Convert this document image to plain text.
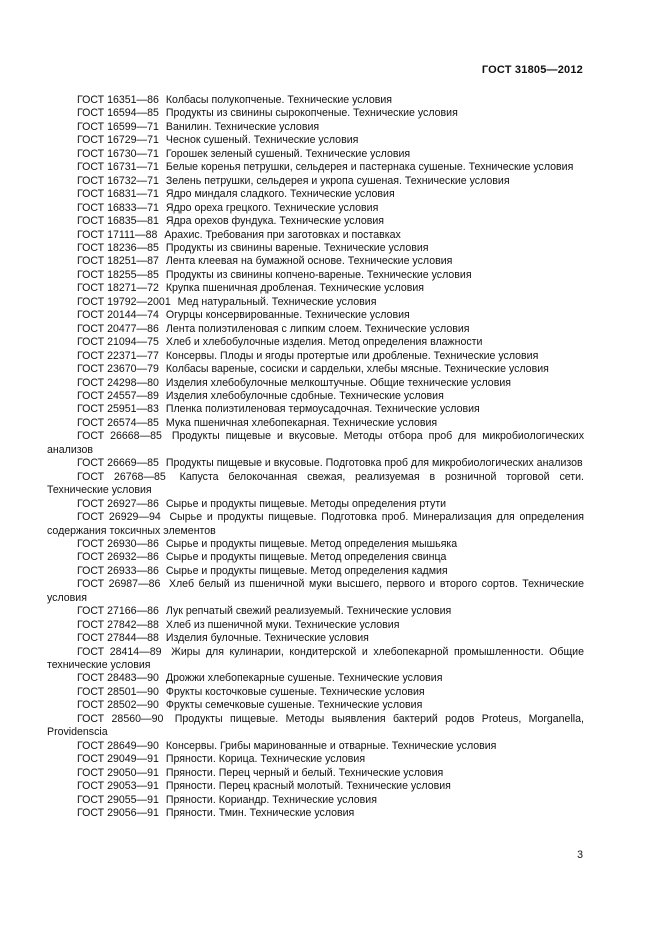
ГОСТ 31805—2012

ГОСТ 16351—86 Колбасы полукопченые. Технические условия

ГОСТ 16594—85 Продукты из свинины сырокопченые. Технические условия

ГОСТ 16599—71 Ванилин. Технические условия

ГОСТ 16729—71 Чеснок сушеный. Технические условия

ГОСТ 16730—71 Горошек зеленый сушеный. Технические условия

ГОСТ 16731—71 Белые коренья петрушки, сельдерея и пастернака сушеные. Технические условия

ГОСТ 16732—71 Зелень петрушки, сельдерея и укропа сушеная. Технические условия

ГОСТ 16831—71 Ядро миндаля сладкого. Технические условия

ГОСТ 16833—71 Ядро ореха грецкого. Технические условия

ГОСТ 16835—81 Ядра орехов фундука. Технические условия

ГОСТ 17111—88 Арахис. Требования при заготовках и поставках

ГОСТ 18236—85 Продукты из свинины вареные. Технические условия

ГОСТ 18251—87 Лента клеевая на бумажной основе. Технические условия

ГОСТ 18255—85 Продукты из свинины копчено-вареные. Технические условия

ГОСТ 18271—72 Крупка пшеничная дробленая. Технические условия

ГОСТ 19792—2001 Мед натуральный. Технические условия

ГОСТ 20144—74 Огурцы консервированные. Технические условия

ГОСТ 20477—86 Лента полиэтиленовая с липким слоем. Технические условия

ГОСТ 21094—75 Хлеб и хлебобулочные изделия. Метод определения влажности

ГОСТ 22371—77 Консервы. Плоды и ягоды протертые или дробленые. Технические условия

ГОСТ 23670—79 Колбасы вареные, сосиски и сардельки, хлебы мясные. Технические условия

ГОСТ 24298—80 Изделия хлебобулочные мелкоштучные. Общие технические условия

ГОСТ 24557—89 Изделия хлебобулочные сдобные. Технические условия

ГОСТ 25951—83 Пленка полиэтиленовая термоусадочная. Технические условия

ГОСТ 26574—85 Мука пшеничная хлебопекарная. Технические условия

ГОСТ 26668—85 Продукты пищевые и вкусовые. Методы отбора проб для микробиологических анализов

ГОСТ 26669—85 Продукты пищевые и вкусовые. Подготовка проб для микробиологических анализов

ГОСТ 26768—85 Капуста белокочанная свежая, реализуемая в розничной торговой сети. Технические условия

ГОСТ 26927—86 Сырье и продукты пищевые. Методы определения ртути

ГОСТ 26929—94 Сырье и продукты пищевые. Подготовка проб. Минерализация для определения содержания токсичных элементов

ГОСТ 26930—86 Сырье и продукты пищевые. Метод определения мышьяка

ГОСТ 26932—86 Сырье и продукты пищевые. Метод определения свинца

ГОСТ 26933—86 Сырье и продукты пищевые. Метод определения кадмия

ГОСТ 26987—86 Хлеб белый из пшеничной муки высшего, первого и второго сортов. Технические условия

ГОСТ 27166—86 Лук репчатый свежий реализуемый. Технические условия

ГОСТ 27842—88 Хлеб из пшеничной муки. Технические условия

ГОСТ 27844—88 Изделия булочные. Технические условия

ГОСТ 28414—89 Жиры для кулинарии, кондитерской и хлебопекарной промышленности. Общие технические условия

ГОСТ 28483—90 Дрожжи хлебопекарные сушеные. Технические условия

ГОСТ 28501—90 Фрукты косточковые сушеные. Технические условия

ГОСТ 28502—90 Фрукты семечковые сушеные. Технические условия

ГОСТ 28560—90 Продукты пищевые. Методы выявления бактерий родов Proteus, Morganella, Providenscia

ГОСТ 28649—90 Консервы. Грибы маринованные и отварные. Технические условия

ГОСТ 29049—91 Пряности. Корица. Технические условия

ГОСТ 29050—91 Пряности. Перец черный и белый. Технические условия

ГОСТ 29053—91 Пряности. Перец красный молотый. Технические условия

ГОСТ 29055—91 Пряности. Кориандр. Технические условия

ГОСТ 29056—91 Пряности. Тмин. Технические условия

3
